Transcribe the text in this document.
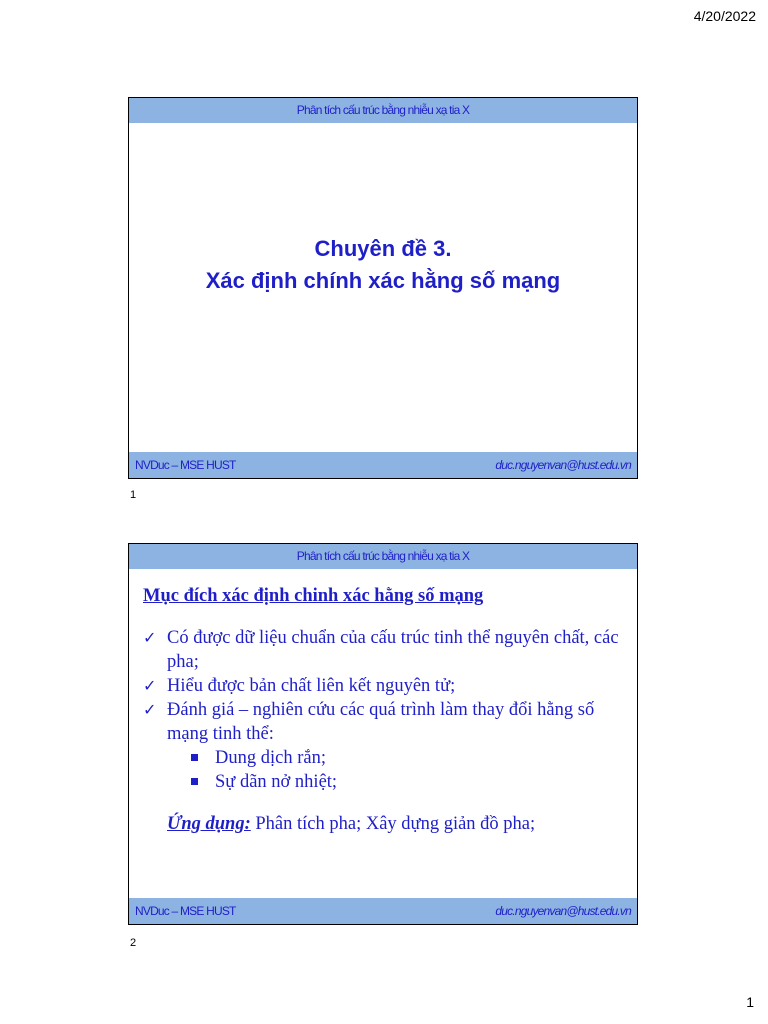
4/20/2022
Phân tích cấu trúc bằng nhiễu xạ tia X
Chuyên đề 3.
Xác định chính xác hằng số mạng
NVDuc – MSE HUST	duc.nguyenvan@hust.edu.vn
1
Phân tích cấu trúc bằng nhiễu xạ tia X
Mục đích xác định chinh xác hằng số mạng
✓ Có được dữ liệu chuẩn của cấu trúc tinh thể nguyên chất, các pha;
✓ Hiểu được bản chất liên kết nguyên tử;
✓ Đánh giá – nghiên cứu các quá trình làm thay đổi hằng số mạng tinh thể:
Dung dịch rắn;
Sự dãn nở nhiệt;
Ứng dụng: Phân tích pha; Xây dựng giản đồ pha;
NVDuc – MSE HUST	duc.nguyenvan@hust.edu.vn
2
1
